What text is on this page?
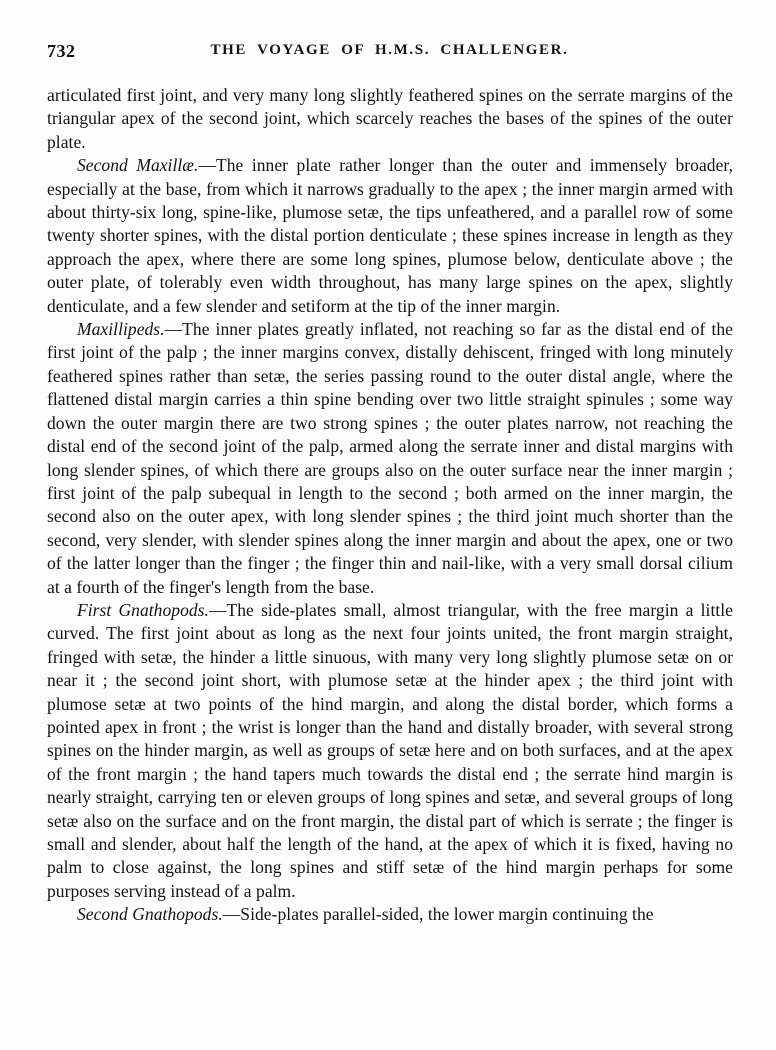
732	THE VOYAGE OF H.M.S. CHALLENGER.

articulated first joint, and very many long slightly feathered spines on the serrate margins of the triangular apex of the second joint, which scarcely reaches the bases of the spines of the outer plate.

Second Maxillæ.—The inner plate rather longer than the outer and immensely broader, especially at the base, from which it narrows gradually to the apex ; the inner margin armed with about thirty-six long, spine-like, plumose setæ, the tips unfeathered, and a parallel row of some twenty shorter spines, with the distal portion denticulate ; these spines increase in length as they approach the apex, where there are some long spines, plumose below, denticulate above ; the outer plate, of tolerably even width throughout, has many large spines on the apex, slightly denticulate, and a few slender and setiform at the tip of the inner margin.

Maxillipeds.—The inner plates greatly inflated, not reaching so far as the distal end of the first joint of the palp ; the inner margins convex, distally dehiscent, fringed with long minutely feathered spines rather than setæ, the series passing round to the outer distal angle, where the flattened distal margin carries a thin spine bending over two little straight spinules ; some way down the outer margin there are two strong spines ; the outer plates narrow, not reaching the distal end of the second joint of the palp, armed along the serrate inner and distal margins with long slender spines, of which there are groups also on the outer surface near the inner margin ; first joint of the palp subequal in length to the second ; both armed on the inner margin, the second also on the outer apex, with long slender spines ; the third joint much shorter than the second, very slender, with slender spines along the inner margin and about the apex, one or two of the latter longer than the finger ; the finger thin and nail-like, with a very small dorsal cilium at a fourth of the finger's length from the base.

First Gnathopods.—The side-plates small, almost triangular, with the free margin a little curved. The first joint about as long as the next four joints united, the front margin straight, fringed with setæ, the hinder a little sinuous, with many very long slightly plumose setæ on or near it ; the second joint short, with plumose setæ at the hinder apex ; the third joint with plumose setæ at two points of the hind margin, and along the distal border, which forms a pointed apex in front ; the wrist is longer than the hand and distally broader, with several strong spines on the hinder margin, as well as groups of setæ here and on both surfaces, and at the apex of the front margin ; the hand tapers much towards the distal end ; the serrate hind margin is nearly straight, carrying ten or eleven groups of long spines and setæ, and several groups of long setæ also on the surface and on the front margin, the distal part of which is serrate ; the finger is small and slender, about half the length of the hand, at the apex of which it is fixed, having no palm to close against, the long spines and stiff setæ of the hind margin perhaps for some purposes serving instead of a palm.

Second Gnathopods.—Side-plates parallel-sided, the lower margin continuing the
